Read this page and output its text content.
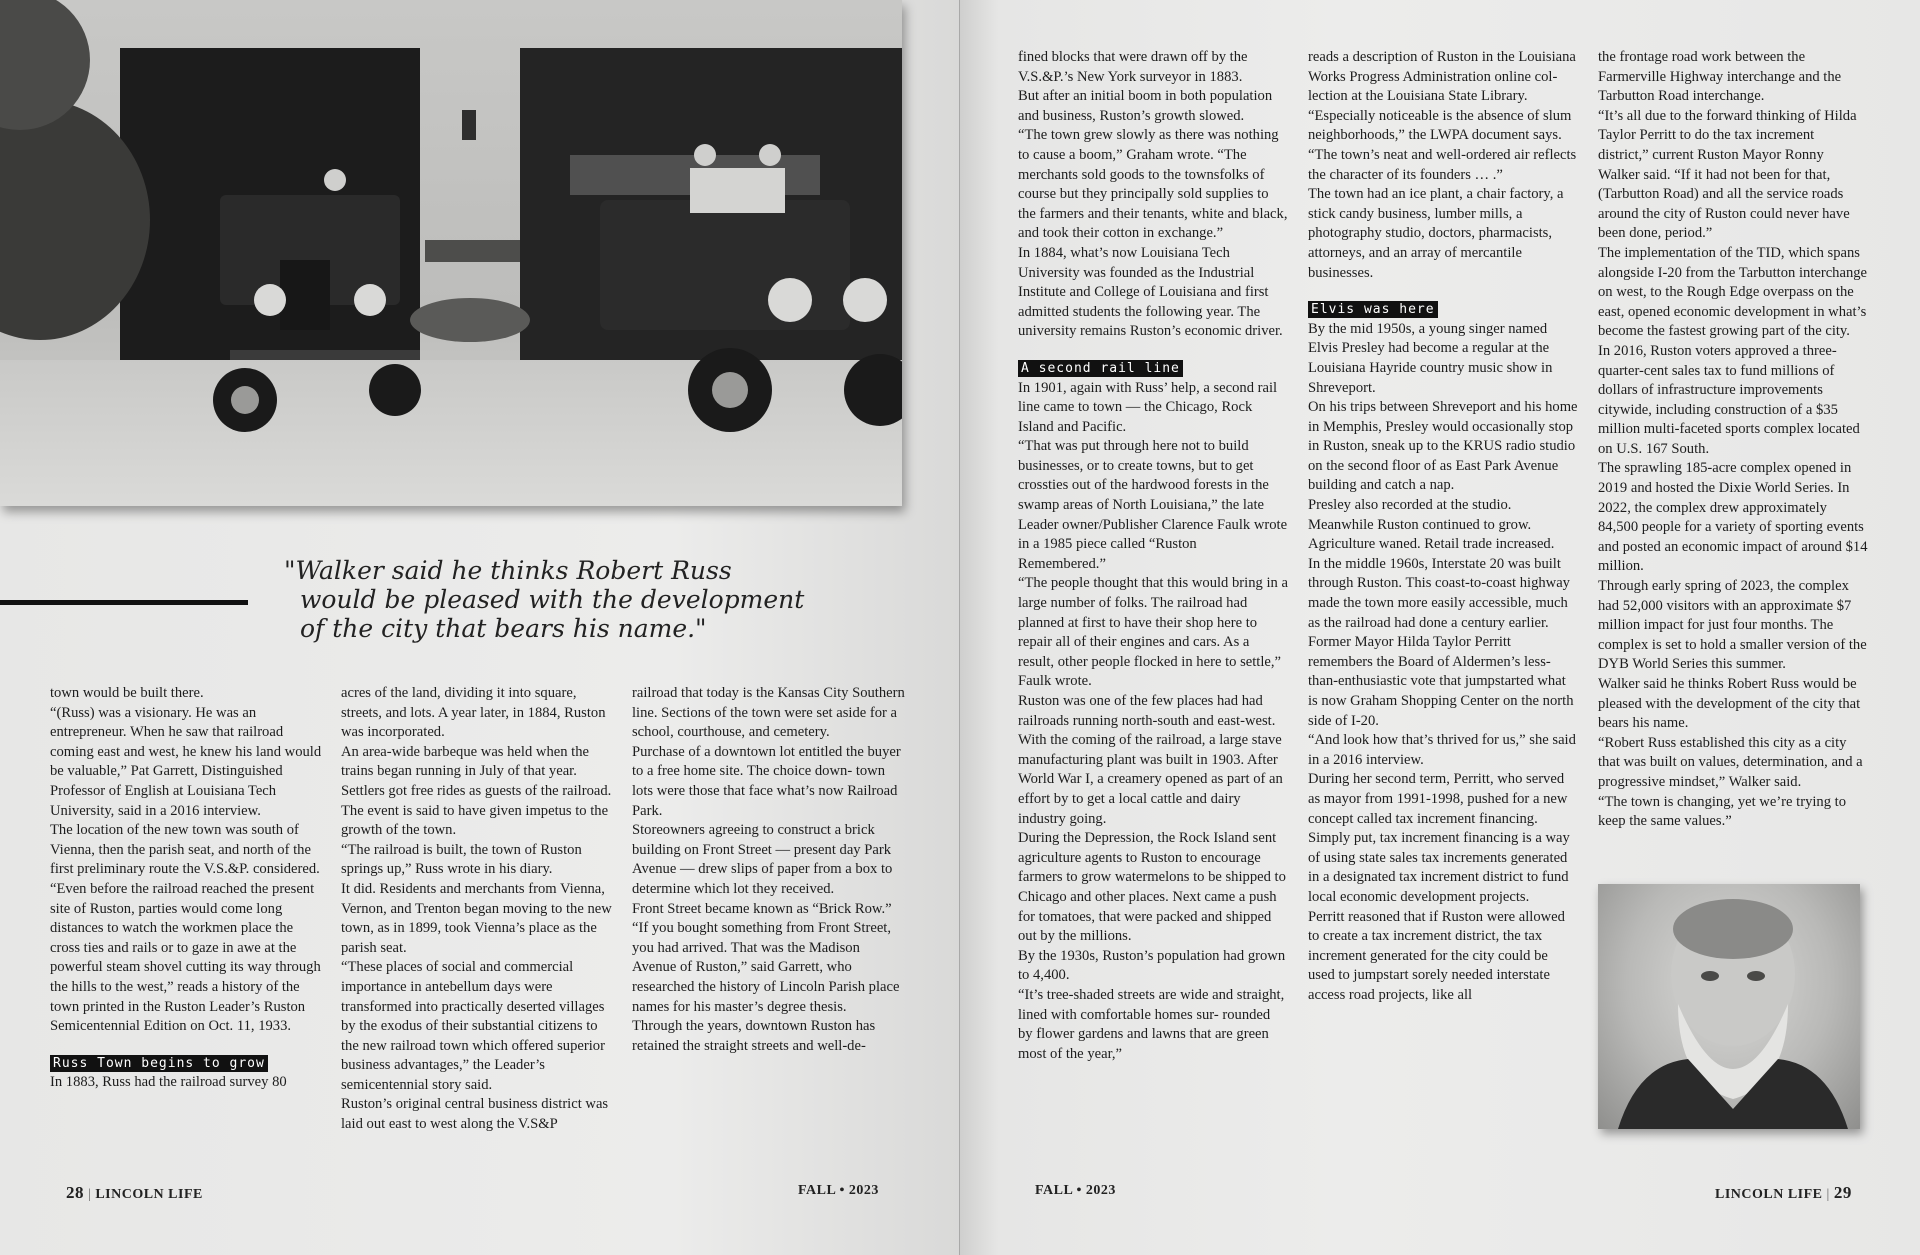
"Walker said he thinks Robert Russ
would be pleased with the development
of the city that bears his name."

town would be built there.

“(Russ) was a visionary. He was an entrepreneur. When he saw that railroad coming east and west, he knew his land would be valuable,” Pat Garrett, Distinguished Professor of English at Louisiana Tech University, said in a 2016 interview.

The location of the new town was south of Vienna, then the parish seat, and north of the first preliminary route the V.S.&P. considered.

“Even before the railroad reached the present site of Ruston, parties would come long distances to watch the workmen place the cross ties and rails or to gaze in awe at the powerful steam shovel cutting its way through the hills to the west,” reads a history of the town printed in the Ruston Leader’s Ruston Semicentennial Edition on Oct. 11, 1933.

Russ Town begins to grow

In 1883, Russ had the railroad survey 80

acres of the land, dividing it into square, streets, and lots. A year later, in 1884, Ruston was incorporated.

An area-wide barbeque was held when the trains began running in July of that year. Settlers got free rides as guests of the railroad. The event is said to have given impetus to the growth of the town.

“The railroad is built, the town of Ruston springs up,” Russ wrote in his diary.

It did. Residents and merchants from Vienna, Vernon, and Trenton began moving to the new town, as in 1899, took Vienna’s place as the parish seat.

“These places of social and commercial importance in antebellum days were transformed into practically deserted villages by the exodus of their substantial citizens to the new railroad town which offered superior business advantages,” the Leader’s semicentennial story said.

Ruston’s original central business district was laid out east to west along the V.S&P

railroad that today is the Kansas City Southern line. Sections of the town were set aside for a school, courthouse, and cemetery.

Purchase of a downtown lot entitled the buyer to a free home site. The choice down- town lots were those that face what’s now Railroad Park.

Storeowners agreeing to construct a brick building on Front Street — present day Park Avenue — drew slips of paper from a box to determine which lot they received.

Front Street became known as “Brick Row.”

“If you bought something from Front Street, you had arrived. That was the Madison Avenue of Ruston,” said Garrett, who researched the history of Lincoln Parish place names for his master’s degree thesis.

Through the years, downtown Ruston has retained the straight streets and well-de-

28 | LINCOLN LIFE	FALL • 2023

fined blocks that were drawn off by the V.S.&P.’s New York surveyor in 1883.

But after an initial boom in both population and business, Ruston’s growth slowed.

“The town grew slowly as there was nothing to cause a boom,” Graham wrote. “The merchants sold goods to the townsfolks of course but they principally sold supplies to the farmers and their tenants, white and black, and took their cotton in exchange.”

In 1884, what’s now Louisiana Tech University was founded as the Industrial Institute and College of Louisiana and first admitted students the following year. The university remains Ruston’s economic driver.

A second rail line

In 1901, again with Russ’ help, a second rail line came to town — the Chicago, Rock Island and Pacific.

“That was put through here not to build businesses, or to create towns, but to get crossties out of the hardwood forests in the swamp areas of North Louisiana,” the late Leader owner/Publisher Clarence Faulk wrote in a 1985 piece called “Ruston Remembered.”

“The people thought that this would bring in a large number of folks. The railroad had planned at first to have their shop here to repair all of their engines and cars. As a result, other people flocked in here to settle,” Faulk wrote.

Ruston was one of the few places had had railroads running north-south and east-west.

With the coming of the railroad, a large stave manufacturing plant was built in 1903. After World War I, a creamery opened as part of an effort by to get a local cattle and dairy industry going.

During the Depression, the Rock Island sent agriculture agents to Ruston to encourage farmers to grow watermelons to be shipped to Chicago and other places. Next came a push for tomatoes, that were packed and shipped out by the millions.

By the 1930s, Ruston’s population had grown to 4,400.

“It’s tree-shaded streets are wide and straight, lined with comfortable homes sur- rounded by flower gardens and lawns that are green most of the year,”

reads a description of Ruston in the Louisiana Works Progress Administration online col- lection at the Louisiana State Library.

“Especially noticeable is the absence of slum neighborhoods,” the LWPA document says. “The town’s neat and well-ordered air reflects the character of its founders … .”

The town had an ice plant, a chair factory, a stick candy business, lumber mills, a photography studio, doctors, pharmacists, attorneys, and an array of mercantile businesses.

Elvis was here

By the mid 1950s, a young singer named Elvis Presley had become a regular at the Louisiana Hayride country music show in Shreveport.

On his trips between Shreveport and his home in Memphis, Presley would occasionally stop in Ruston, sneak up to the KRUS radio studio on the second floor of as East Park Avenue building and catch a nap.

Presley also recorded at the studio.

Meanwhile Ruston continued to grow. Agriculture waned. Retail trade increased.

In the middle 1960s, Interstate 20 was built through Ruston. This coast-to-coast highway made the town more easily accessible, much as the railroad had done a century earlier.

Former Mayor Hilda Taylor Perritt remembers the Board of Aldermen’s less-than-enthusiastic vote that jumpstarted what is now Graham Shopping Center on the north side of I-20.

“And look how that’s thrived for us,” she said in a 2016 interview.

During her second term, Perritt, who served as mayor from 1991-1998, pushed for a new concept called tax increment financing.

Simply put, tax increment financing is a way of using state sales tax increments generated in a designated tax increment district to fund local economic development projects.

Perritt reasoned that if Ruston were allowed to create a tax increment district, the tax increment generated for the city could be used to jumpstart sorely needed interstate access road projects, like all

the frontage road work between the Farmerville Highway interchange and the Tarbutton Road interchange.

“It’s all due to the forward thinking of Hilda Taylor Perritt to do the tax increment district,” current Ruston Mayor Ronny Walker said. “If it had not been for that, (Tarbutton Road) and all the service roads around the city of Ruston could never have been done, period.”

The implementation of the TID, which spans alongside I-20 from the Tarbutton interchange on west, to the Rough Edge overpass on the east, opened economic development in what’s become the fastest growing part of the city.

In 2016, Ruston voters approved a three-quarter-cent sales tax to fund millions of dollars of infrastructure improvements citywide, including construction of a $35 million multi-faceted sports complex located on U.S. 167 South.

The sprawling 185-acre complex opened in 2019 and hosted the Dixie World Series. In 2022, the complex drew approximately 84,500 people for a variety of sporting events and posted an economic impact of around $14 million.

Through early spring of 2023, the complex had 52,000 visitors with an approximate $7 million impact for just four months. The complex is set to hold a smaller version of the DYB World Series this summer.

Walker said he thinks Robert Russ would be pleased with the development of the city that bears his name.

“Robert Russ established this city as a city that was built on values, determination, and a progressive mindset,” Walker said.

“The town is changing, yet we’re trying to keep the same values.”

FALL • 2023	LINCOLN LIFE | 29
